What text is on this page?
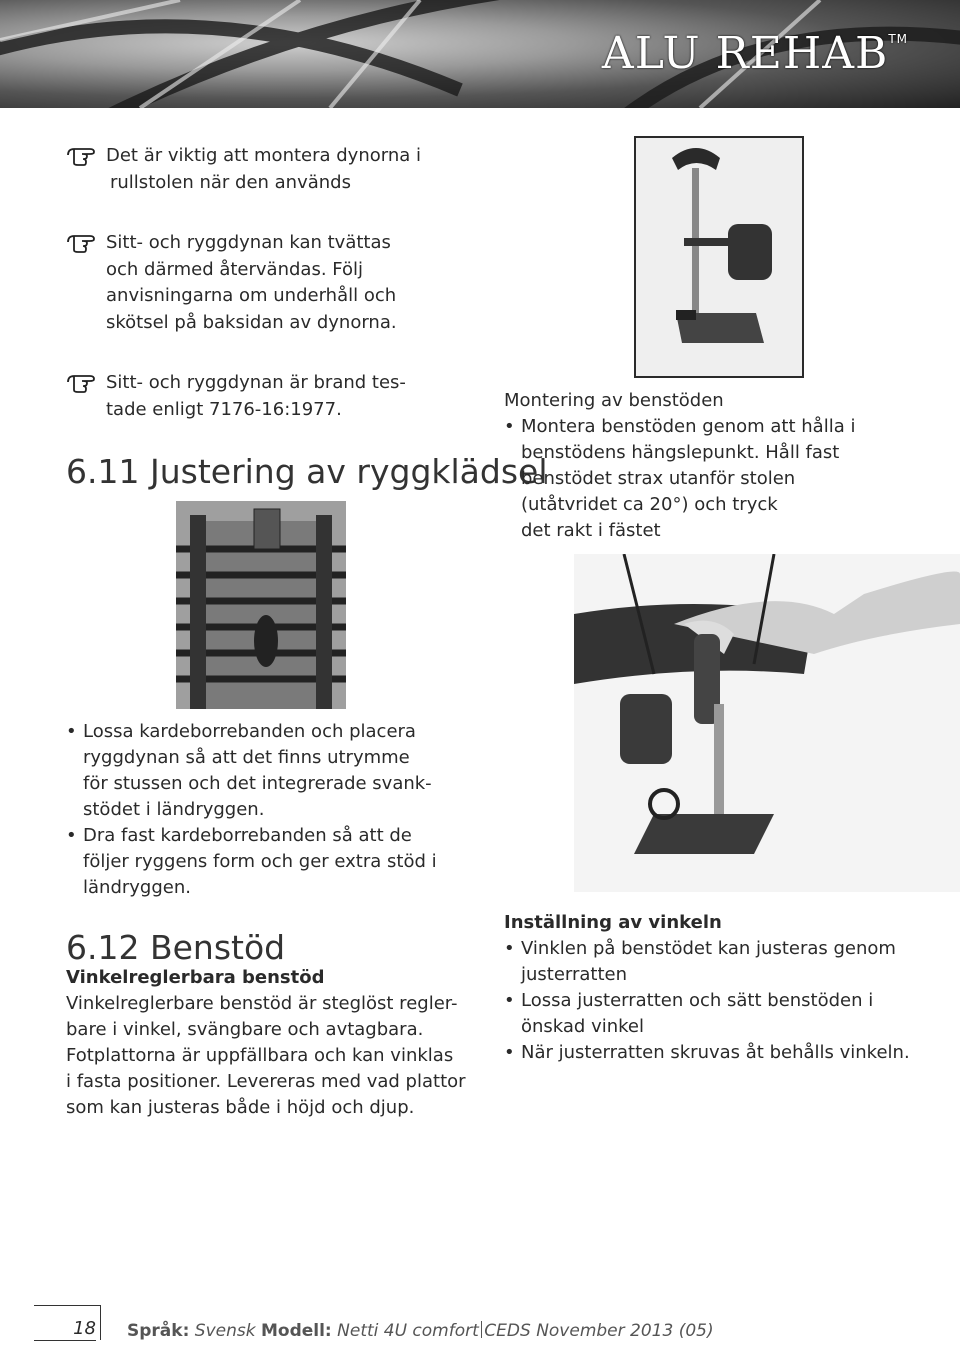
ALU REHAB™
Det är viktig att montera dynorna i
rullstolen när den används
Sitt- och ryggdynan kan tvättas
och därmed återvändas. Följ
anvisningarna om underhåll och
skötsel på baksidan av dynorna.
Sitt- och ryggdynan är brand tes-
tade enligt 7176-16:1977.
6.11 Justering av ryggklädsel
• Lossa kardeborrebanden och placera
ryggdynan så att det finns utrymme
för stussen och det integrerade svank-
stödet i ländryggen.
• Dra fast kardeborrebanden så att de
följer ryggens form och ger extra stöd i
ländryggen.
6.12 Benstöd
Vinkelreglerbara benstöd
Vinkelreglerbare benstöd är steglöst regler-
bare i vinkel, svängbare och avtagbara.
Fotplattorna är uppfällbara och kan vinklas
i fasta positioner. Levereras med vad plattor
som kan justeras både i höjd och djup.
Montering av benstöden
• Montera benstöden genom att hålla i
benstödens hängslepunkt. Håll fast
benstödet strax utanför stolen
(utåtvridet ca 20°) och tryck
det rakt i fästet
Inställning av vinkeln
• Vinklen på benstödet kan justeras genom
justerratten
• Lossa justerratten och sätt benstöden i
önskad vinkel
• När justerratten skruvas åt behålls vinkeln.
18 Språk: Svensk Modell: Netti 4U comfort CEDS November 2013 (05)
